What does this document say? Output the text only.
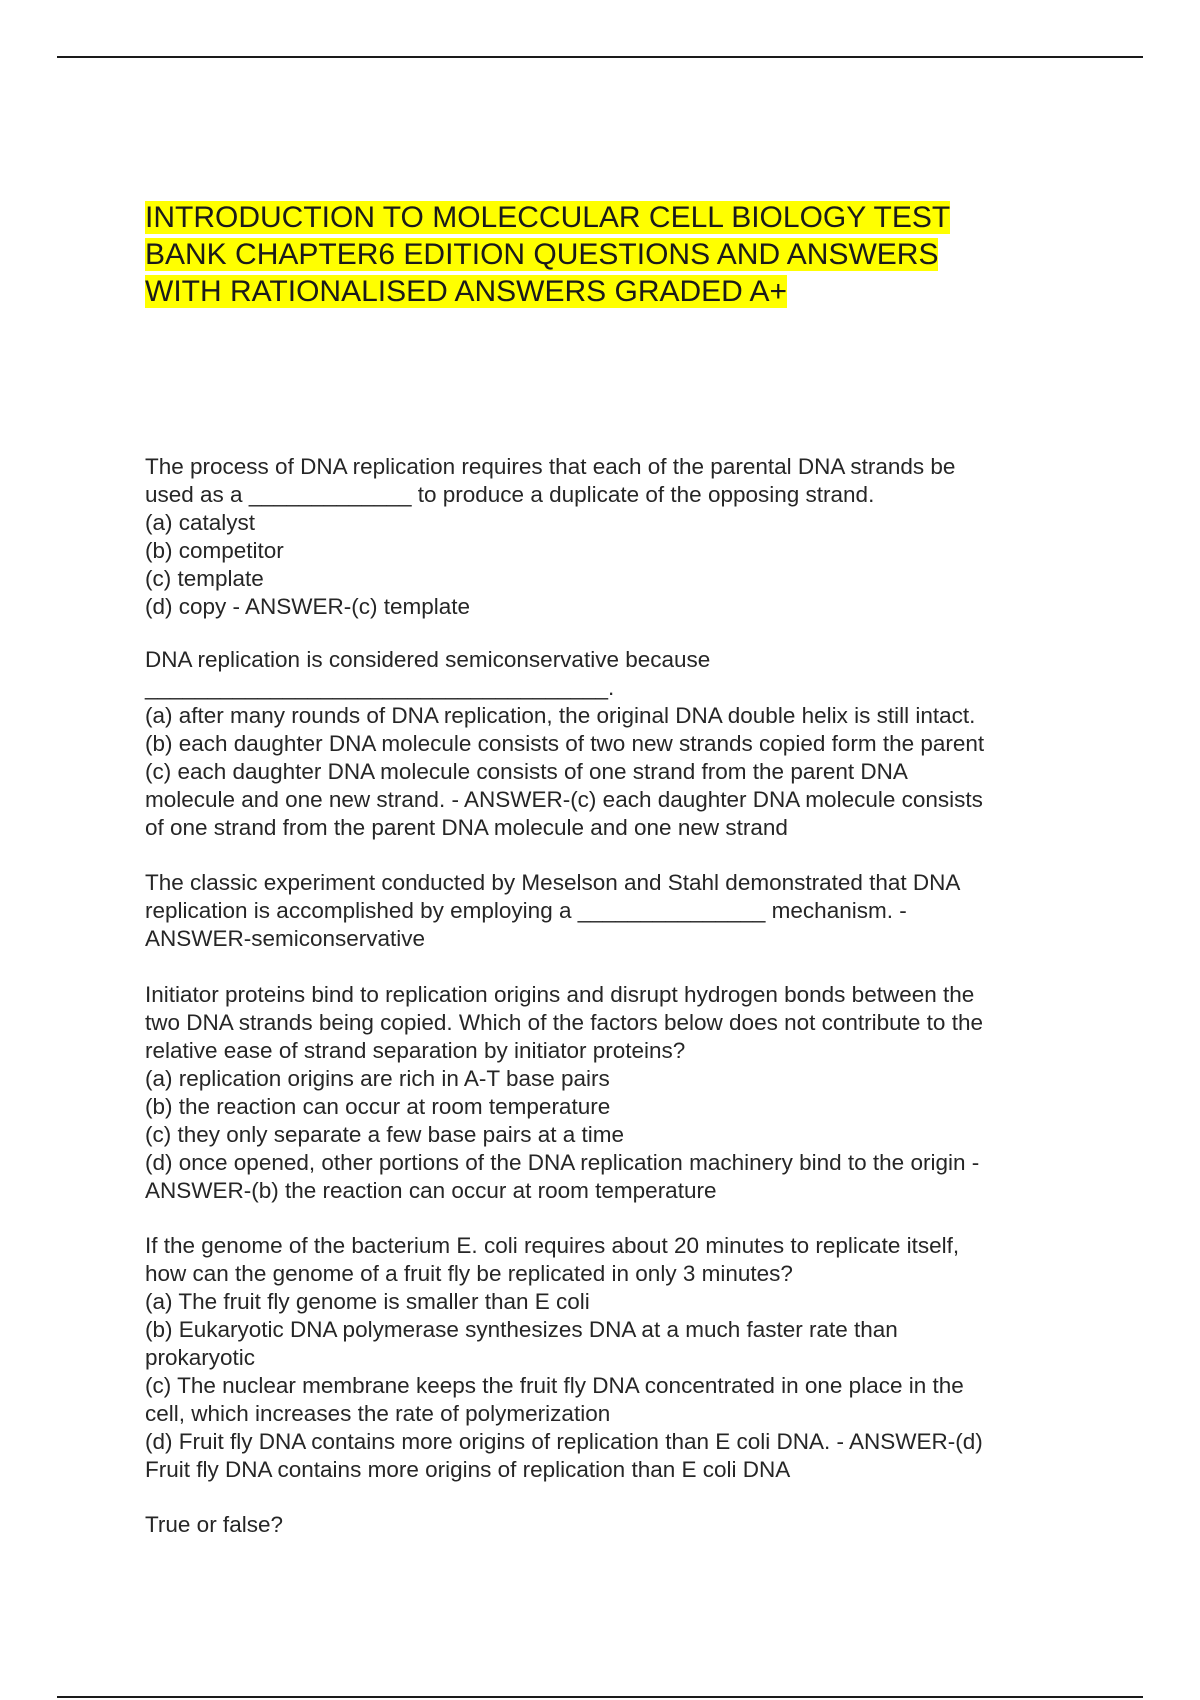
INTRODUCTION TO MOLECCULAR CELL BIOLOGY TEST
BANK CHAPTER6 EDITION QUESTIONS AND ANSWERS
WITH RATIONALISED ANSWERS GRADED A+
The process of DNA replication requires that each of the parental DNA strands be
used as a _____________ to produce a duplicate of the opposing strand.
(a) catalyst
(b) competitor
(c) template
(d) copy - ANSWER-(c) template
DNA replication is considered semiconservative because
_____________________________________.
(a) after many rounds of DNA replication, the original DNA double helix is still intact.
(b) each daughter DNA molecule consists of two new strands copied form the parent
(c) each daughter DNA molecule consists of one strand from the parent DNA
molecule and one new strand. - ANSWER-(c) each daughter DNA molecule consists
of one strand from the parent DNA molecule and one new strand
The classic experiment conducted by Meselson and Stahl demonstrated that DNA
replication is accomplished by employing a _______________ mechanism. -
ANSWER-semiconservative
Initiator proteins bind to replication origins and disrupt hydrogen bonds between the
two DNA strands being copied. Which of the factors below does not contribute to the
relative ease of strand separation by initiator proteins?
(a) replication origins are rich in A-T base pairs
(b) the reaction can occur at room temperature
(c) they only separate a few base pairs at a time
(d) once opened, other portions of the DNA replication machinery bind to the origin -
ANSWER-(b) the reaction can occur at room temperature
If the genome of the bacterium E. coli requires about 20 minutes to replicate itself,
how can the genome of a fruit fly be replicated in only 3 minutes?
(a) The fruit fly genome is smaller than E coli
(b) Eukaryotic DNA polymerase synthesizes DNA at a much faster rate than
prokaryotic
(c) The nuclear membrane keeps the fruit fly DNA concentrated in one place in the
cell, which increases the rate of polymerization
(d) Fruit fly DNA contains more origins of replication than E coli DNA. - ANSWER-(d)
Fruit fly DNA contains more origins of replication than E coli DNA
True or false?
